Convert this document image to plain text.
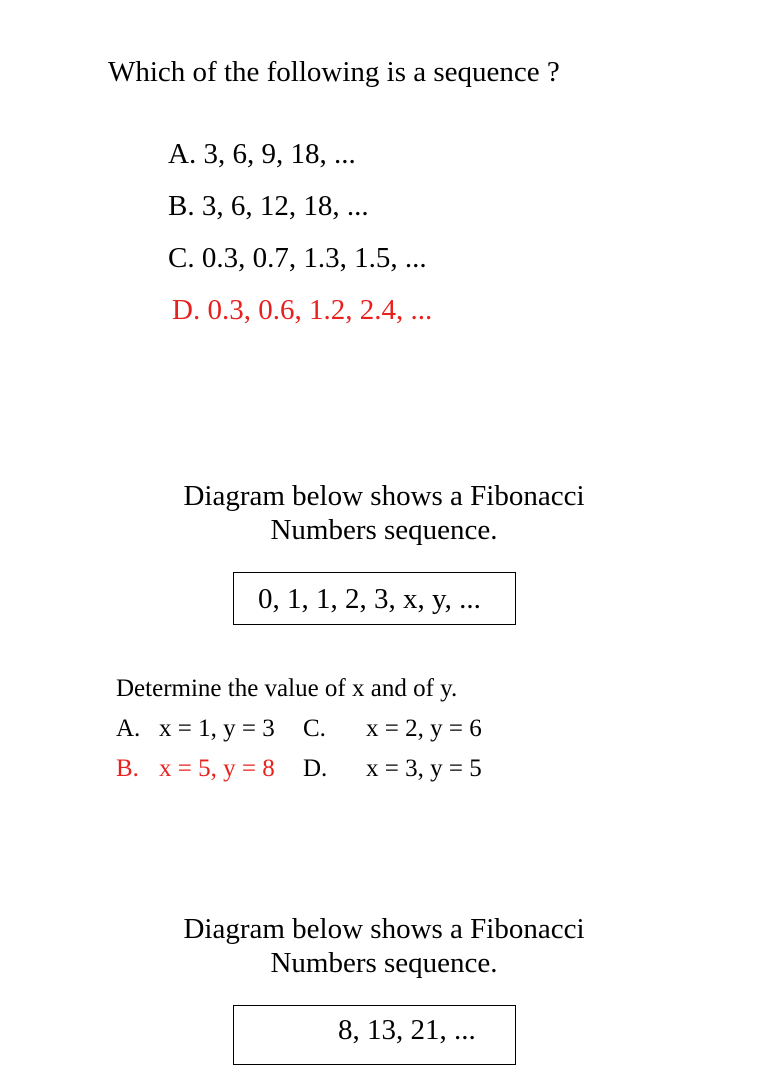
Which of the following is a sequence ?
A. 3, 6, 9, 18, ...
B. 3, 6, 12, 18, ...
C. 0.3, 0.7, 1.3, 1.5, ...
D. 0.3, 0.6, 1.2, 2.4, ...
Diagram below shows a Fibonacci
Numbers sequence.
0, 1, 1, 2, 3, x, y, ...
Determine the value of x and of y.
A. x = 1, y = 3 C. x = 2, y = 6
B. x = 5, y = 8 D. x = 3, y = 5
Diagram below shows a Fibonacci
Numbers sequence.
8, 13, 21, ...
